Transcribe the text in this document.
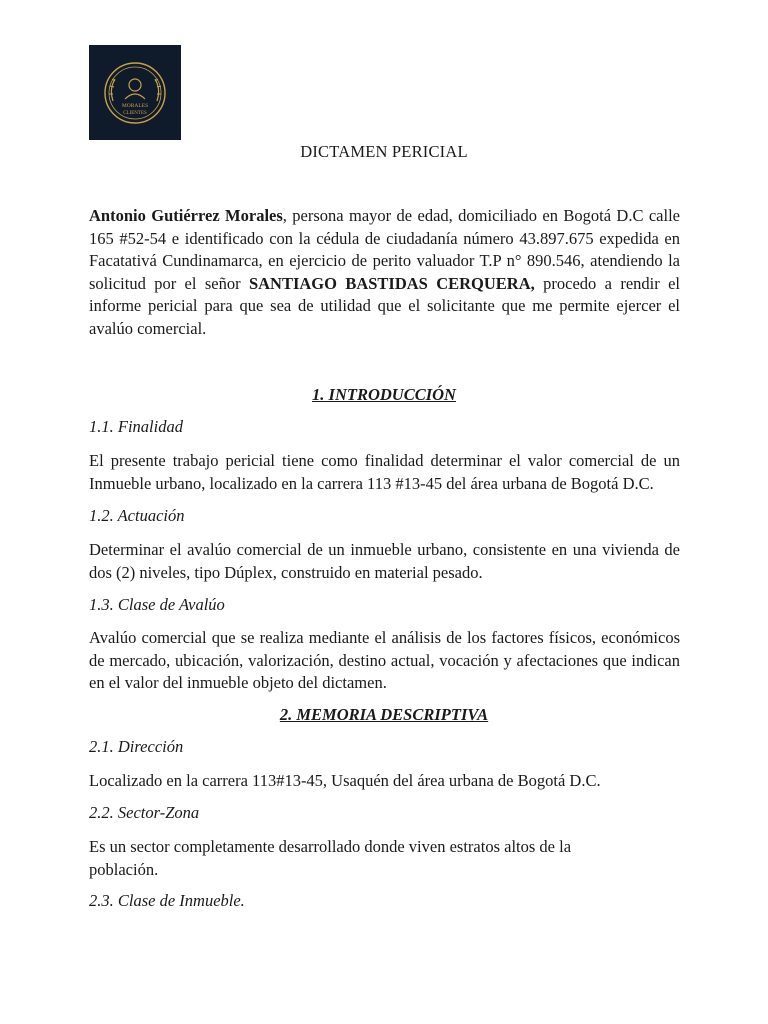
MORALES
CLIENTES
DICTAMEN PERICIAL
Antonio Gutiérrez Morales, persona mayor de edad, domiciliado en Bogotá D.C calle 165 #52-54 e identificado con la cédula de ciudadanía número 43.897.675 expedida en Facatativá Cundinamarca, en ejercicio de perito valuador T.P n° 890.546, atendiendo la solicitud por el señor SANTIAGO BASTIDAS CERQUERA, procedo a rendir el informe pericial para que sea de utilidad que el solicitante que me permite ejercer el avalúo comercial.
1. INTRODUCCIÓN
1.1. Finalidad
El presente trabajo pericial tiene como finalidad determinar el valor comercial de un Inmueble urbano, localizado en la carrera 113 #13-45 del área urbana de Bogotá D.C.
1.2. Actuación
Determinar el avalúo comercial de un inmueble urbano, consistente en una vivienda de dos (2) niveles, tipo Dúplex, construido en material pesado.
1.3. Clase de Avalúo
Avalúo comercial que se realiza mediante el análisis de los factores físicos, económicos de mercado, ubicación, valorización, destino actual, vocación y afectaciones que indican en el valor del inmueble objeto del dictamen.
2. MEMORIA DESCRIPTIVA
2.1. Dirección
Localizado en la carrera 113#13-45, Usaquén del área urbana de Bogotá D.C.
2.2. Sector-Zona
Es un sector completamente desarrollado donde viven estratos altos de la población.
2.3. Clase de Inmueble.
